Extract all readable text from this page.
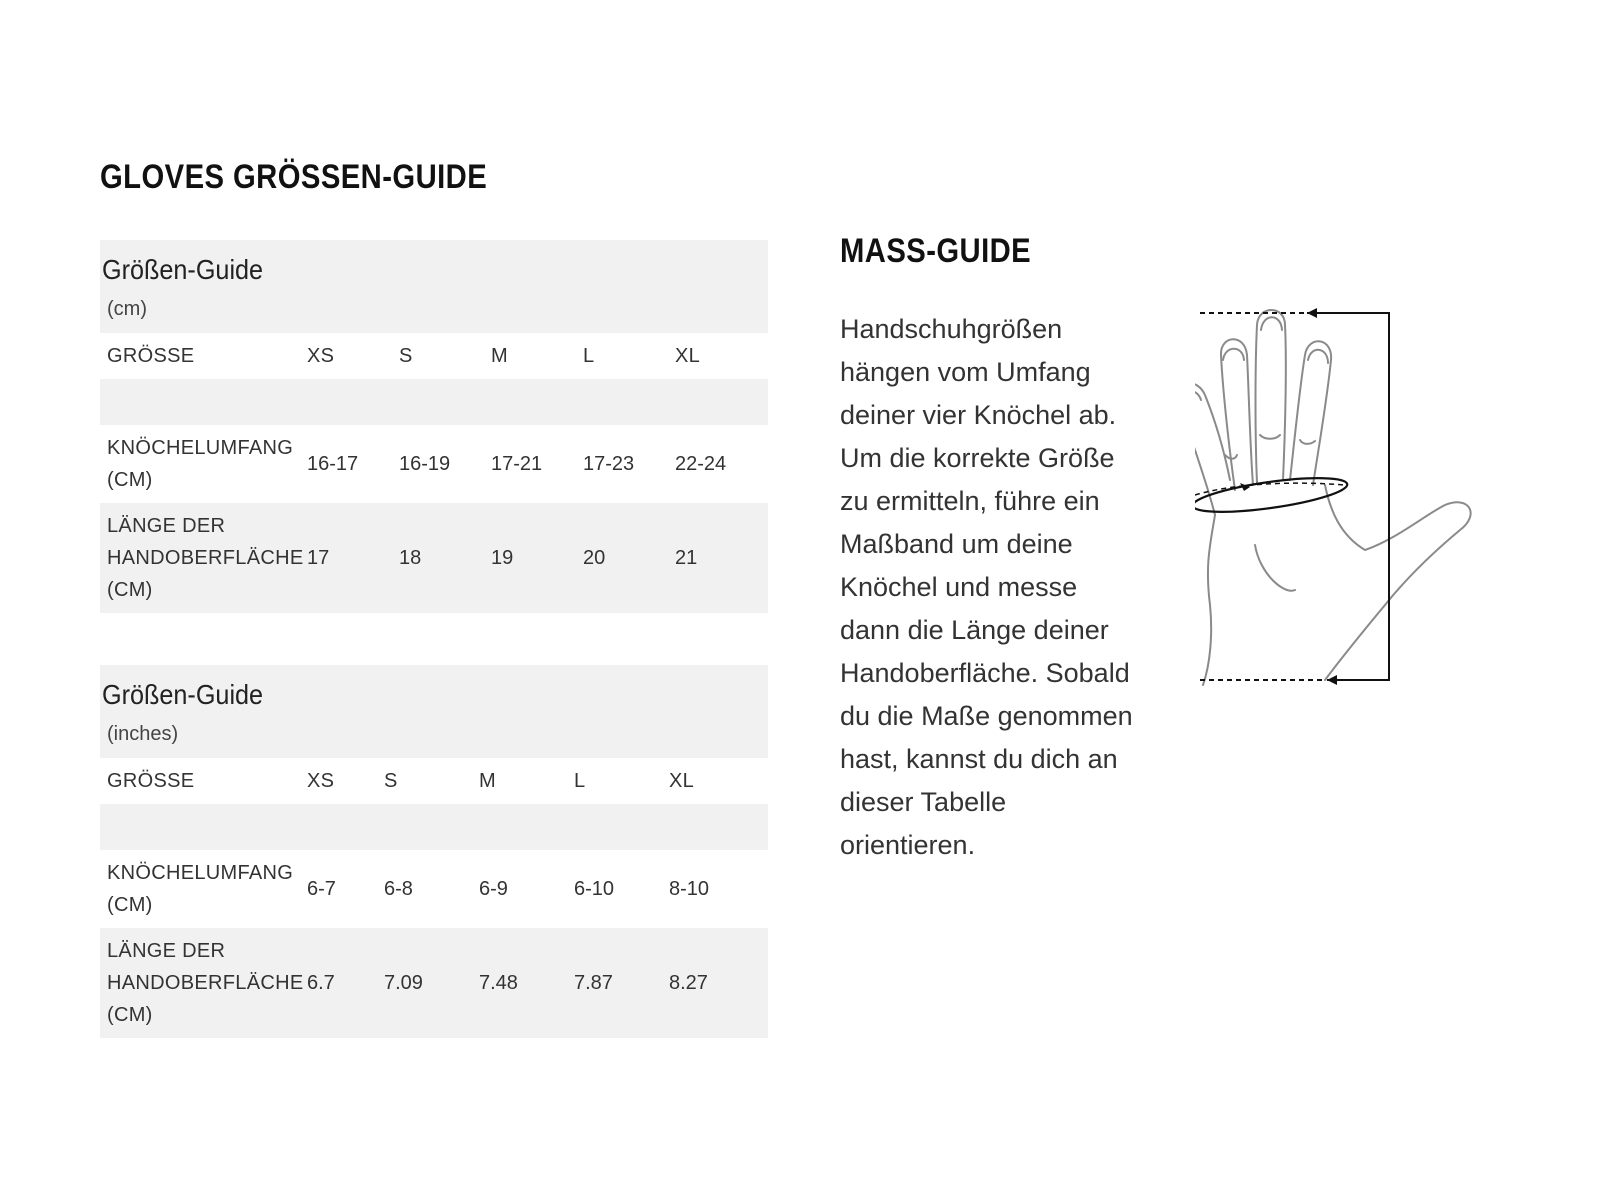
GLOVES GRÖSSEN-GUIDE
Größen-Guide					

(cm)					
GRÖSSE	XS	S	M	L	XL

KNÖCHELUMFANG
(CM)	16-17	16-19	17-21	17-23	22-24
LÄNGE DER
HANDOBERFLÄCHE
(CM)	17	18	19	20	21
Größen-Guide					

(inches)					
GRÖSSE	XS	S	M	L	XL

KNÖCHELUMFANG
(CM)	6-7	6-8	6-9	6-10	8-10
LÄNGE DER
HANDOBERFLÄCHE
(CM)	6.7	7.09	7.48	7.87	8.27
MASS-GUIDE

Handschuhgrößen
hängen vom Umfang
deiner vier Knöchel ab.
Um die korrekte Größe
zu ermitteln, führe ein
Maßband um deine
Knöchel und messe
dann die Länge deiner
Handoberfläche. Sobald
du die Maße genommen
hast, kannst du dich an
dieser Tabelle
orientieren.
